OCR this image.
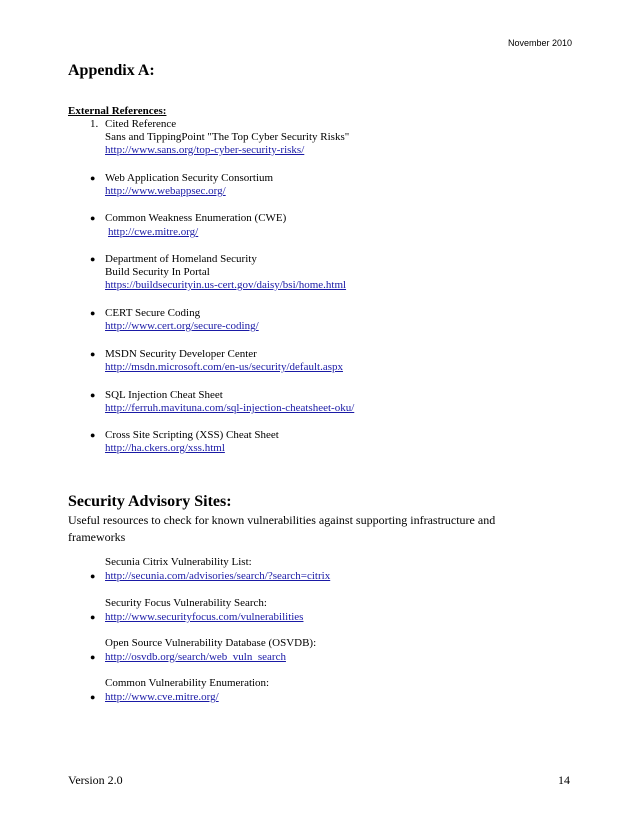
November 2010
Appendix A:
External References:
1. Cited Reference
Sans and TippingPoint "The Top Cyber Security Risks"
http://www.sans.org/top-cyber-security-risks/
● Web Application Security Consortium
http://www.webappsec.org/
● Common Weakness Enumeration (CWE)
http://cwe.mitre.org/
● Department of Homeland Security
Build Security In Portal
https://buildsecurityin.us-cert.gov/daisy/bsi/home.html
● CERT Secure Coding
http://www.cert.org/secure-coding/
● MSDN Security Developer Center
http://msdn.microsoft.com/en-us/security/default.aspx
● SQL Injection Cheat Sheet
http://ferruh.mavituna.com/sql-injection-cheatsheet-oku/
● Cross Site Scripting (XSS) Cheat Sheet
http://ha.ckers.org/xss.html
Security Advisory Sites:
Useful resources to check for known vulnerabilities against supporting infrastructure and frameworks
Secunia Citrix Vulnerability List:
● http://secunia.com/advisories/search/?search=citrix
Security Focus Vulnerability Search:
● http://www.securityfocus.com/vulnerabilities
Open Source Vulnerability Database (OSVDB):
● http://osvdb.org/search/web_vuln_search
Common Vulnerability Enumeration:
● http://www.cve.mitre.org/
Version 2.0	14
